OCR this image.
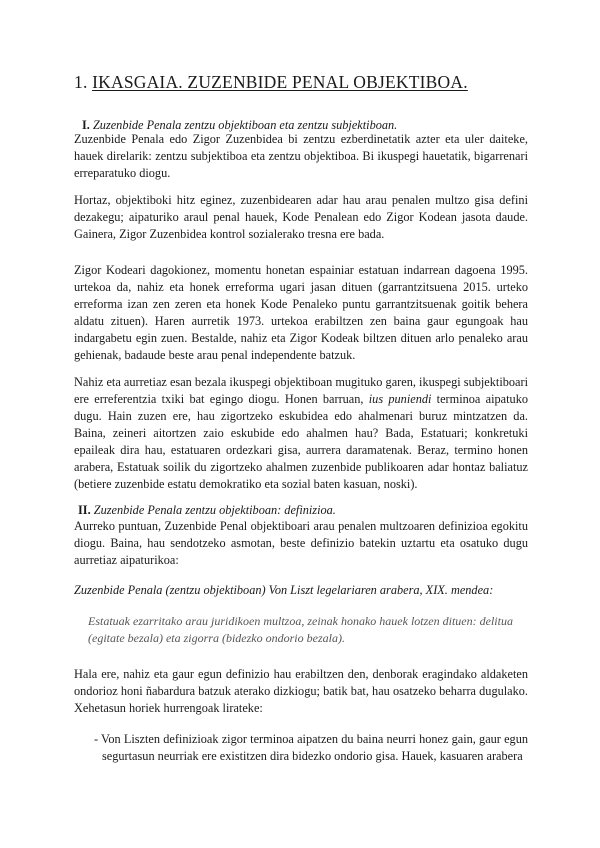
1. IKASGAIA. ZUZENBIDE PENAL OBJEKTIBOA.
I. Zuzenbide Penala zentzu objektiboan eta zentzu subjektiboan.

Zuzenbide Penala edo Zigor Zuzenbidea bi zentzu ezberdinetatik azter eta uler daiteke, hauek direlarik: zentzu subjektiboa eta zentzu objektiboa. Bi ikuspegi hauetatik, bigarrenari erreparatuko diogu.

Hortaz, objektiboki hitz eginez, zuzenbidearen adar hau arau penalen multzo gisa defini dezakegu; aipaturiko araul penal hauek, Kode Penalean edo Zigor Kodean jasota daude. Gainera, Zigor Zuzenbidea kontrol sozialerako tresna ere bada.

Zigor Kodeari dagokionez, momentu honetan espainiar estatuan indarrean dagoena 1995. urtekoa da, nahiz eta honek erreforma ugari jasan dituen (garrantzitsuena 2015. urteko erreforma izan zen zeren eta honek Kode Penaleko puntu garrantzitsuenak goitik behera aldatu zituen). Haren aurretik 1973. urtekoa erabiltzen zen baina gaur egungoak hau indargabetu egin zuen. Bestalde, nahiz eta Zigor Kodeak biltzen dituen arlo penaleko arau gehienak, badaude beste arau penal independente batzuk.

Nahiz eta aurretiaz esan bezala ikuspegi objektiboan mugituko garen, ikuspegi subjektiboari ere erreferentzia txiki bat egingo diogu. Honen barruan, ius puniendi terminoa aipatuko dugu. Hain zuzen ere, hau zigortzeko eskubidea edo ahalmenari buruz mintzatzen da. Baina, zeineri aitortzen zaio eskubide edo ahalmen hau? Bada, Estatuari; konkretuki epaileak dira hau, estatuaren ordezkari gisa, aurrera daramatenak. Beraz, termino honen arabera, Estatuak soilik du zigortzeko ahalmen zuzenbide publikoaren adar hontaz baliatuz (betiere zuzenbide estatu demokratiko eta sozial baten kasuan, noski).

II. Zuzenbide Penala zentzu objektiboan: definizioa.

Aurreko puntuan, Zuzenbide Penal objektiboari arau penalen multzoaren definizioa egokitu diogu. Baina, hau sendotzeko asmotan, beste definizio batekin uztartu eta osatuko dugu aurretiaz aipaturikoa:

Zuzenbide Penala (zentzu objektiboan) Von Liszt legelariaren arabera, XIX. mendea:

Estatuak ezarritako arau juridikoen multzoa, zeinak honako hauek lotzen dituen: delitua (egitate bezala) eta zigorra (bidezko ondorio bezala).

Hala ere, nahiz eta gaur egun definizio hau erabiltzen den, denborak eragindako aldaketen ondorioz honi ñabardura batzuk aterako dizkiogu; batik bat, hau osatzeko beharra dugulako. Xehetasun horiek hurrengoak lirateke:

- Von Liszten definizioak zigor terminoa aipatzen du baina neurri honez gain, gaur egun segurtasun neurriak ere existitzen dira bidezko ondorio gisa. Hauek, kasuaren arabera
